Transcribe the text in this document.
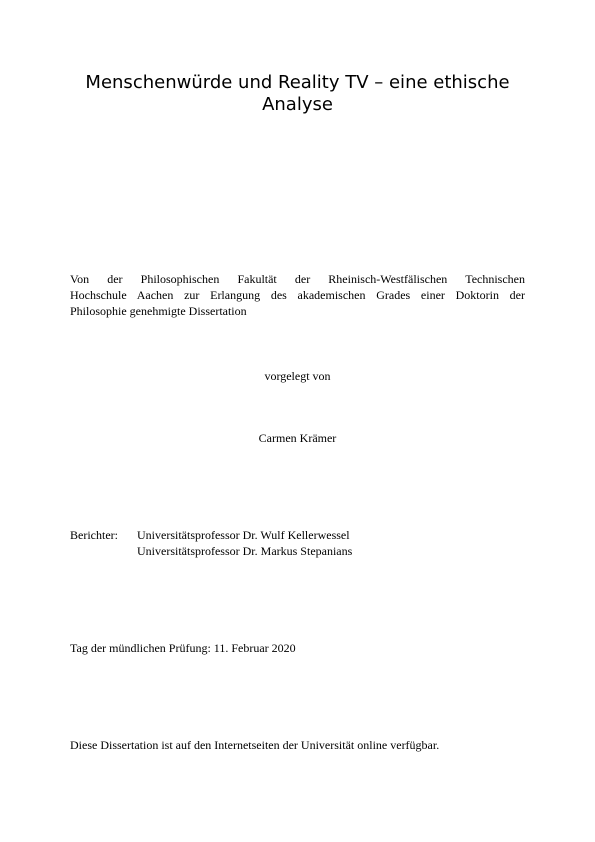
Menschenwürde und Reality TV – eine ethische
Analyse

Von der Philosophischen Fakultät der Rheinisch-Westfälischen Technischen
Hochschule Aachen zur Erlangung des akademischen Grades einer Doktorin der
Philosophie genehmigte Dissertation

vorgelegt von

Carmen Krämer

Berichter: Universitätsprofessor Dr. Wulf Kellerwessel
Universitätsprofessor Dr. Markus Stepanians

Tag der mündlichen Prüfung: 11. Februar 2020

Diese Dissertation ist auf den Internetseiten der Universität online verfügbar.
